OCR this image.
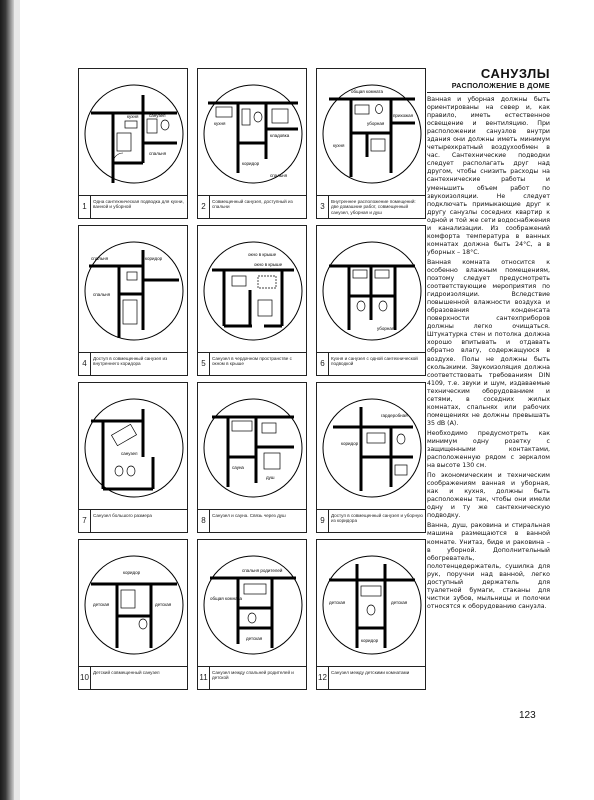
кухня санузел
спальня
1
Одна сантехническая подводка для кухни, ванной и уборной
кухня
кладовка
коридор
спальня
2
Совмещенный санузел, доступный из спальни
общая комната
уборная
прихожая
кухня
3
Внутреннее расположение помещений: две домашние работ, совмещенный санузел, уборная и душ
спальня	коридор
спальня
4
Доступ в совмещенный санузел из внутреннего коридора
окно в крыше
окно в крыше
5
Санузел в чердачном пространстве с окном в крыше
уборная
6
Кухня и санузел с одной сантехнической подводкой
санузел
7
Санузел большого размера
сауна
душ
8
Санузел и сауна. Связь через душ
гардеробная
коридор
9
Доступ в совмещенный санузел и уборную из коридора
коридор
детская	детская
10
Детский совмещенный санузел
спальня родителей
общая комната
детская
11
Санузел между спальней родителей и детской
детская	детская
коридор
12
Санузел между детскими комнатами
САНУЗЛЫ
РАСПОЛОЖЕНИЕ В ДОМЕ

Ванная и уборная должны быть ориентированы на север и, как правило, иметь естественное освещение и вентиляцию. При расположении санузлов внутри здания они должны иметь минимум четырехкратный воздухообмен в час. Сантехнические подводки следует располагать друг над другом, чтобы снизить расходы на сантехнические работы и уменьшить объем работ по звукоизоляции. Не следует подключать примыкающие друг к другу санузлы соседних квартир к одной и той же сети водоснабжения и канализации. Из соображений комфорта температура в ванных комнатах должна быть 24°С, а в уборных – 18°С.

Ванная комната относится к особенно влажным помещениям, поэтому следует предусмотреть соответствующие мероприятия по гидроизоляции. Вследствие повышенной влажности воздуха и образования конденсата поверхности сантехприборов должны легко очищаться. Штукатурка стен и потолка должна хорошо впитывать и отдавать обратно влагу, содержащуюся в воздухе. Полы не должны быть скользкими. Звукоизоляция должна соответствовать требованиям DIN 4109, т.е. звуки и шум, издаваемые техническим оборудованием и сетями, в соседних жилых комнатах, спальнях или рабочих помещениях не должны превышать 35 dB (A).

Необходимо предусмотреть как минимум одну розетку с защищенными контактами, расположенную рядом с зеркалом на высоте 130 см.

По экономическим и техническим соображениям ванная и уборная, как и кухня, должны быть расположены так, чтобы они имели одну и ту же сантехническую подводку.

Ванна, душ, раковина и стиральная машина размещаются в ванной комнате. Унитаз, биде и раковина – в уборной. Дополнительный обогреватель, полотенцедержатель, сушилка для рук, поручни над ванной, легко доступный держатель для туалетной бумаги, стаканы для чистки зубов, мыльницы и полочки относятся к оборудованию санузла.

123
